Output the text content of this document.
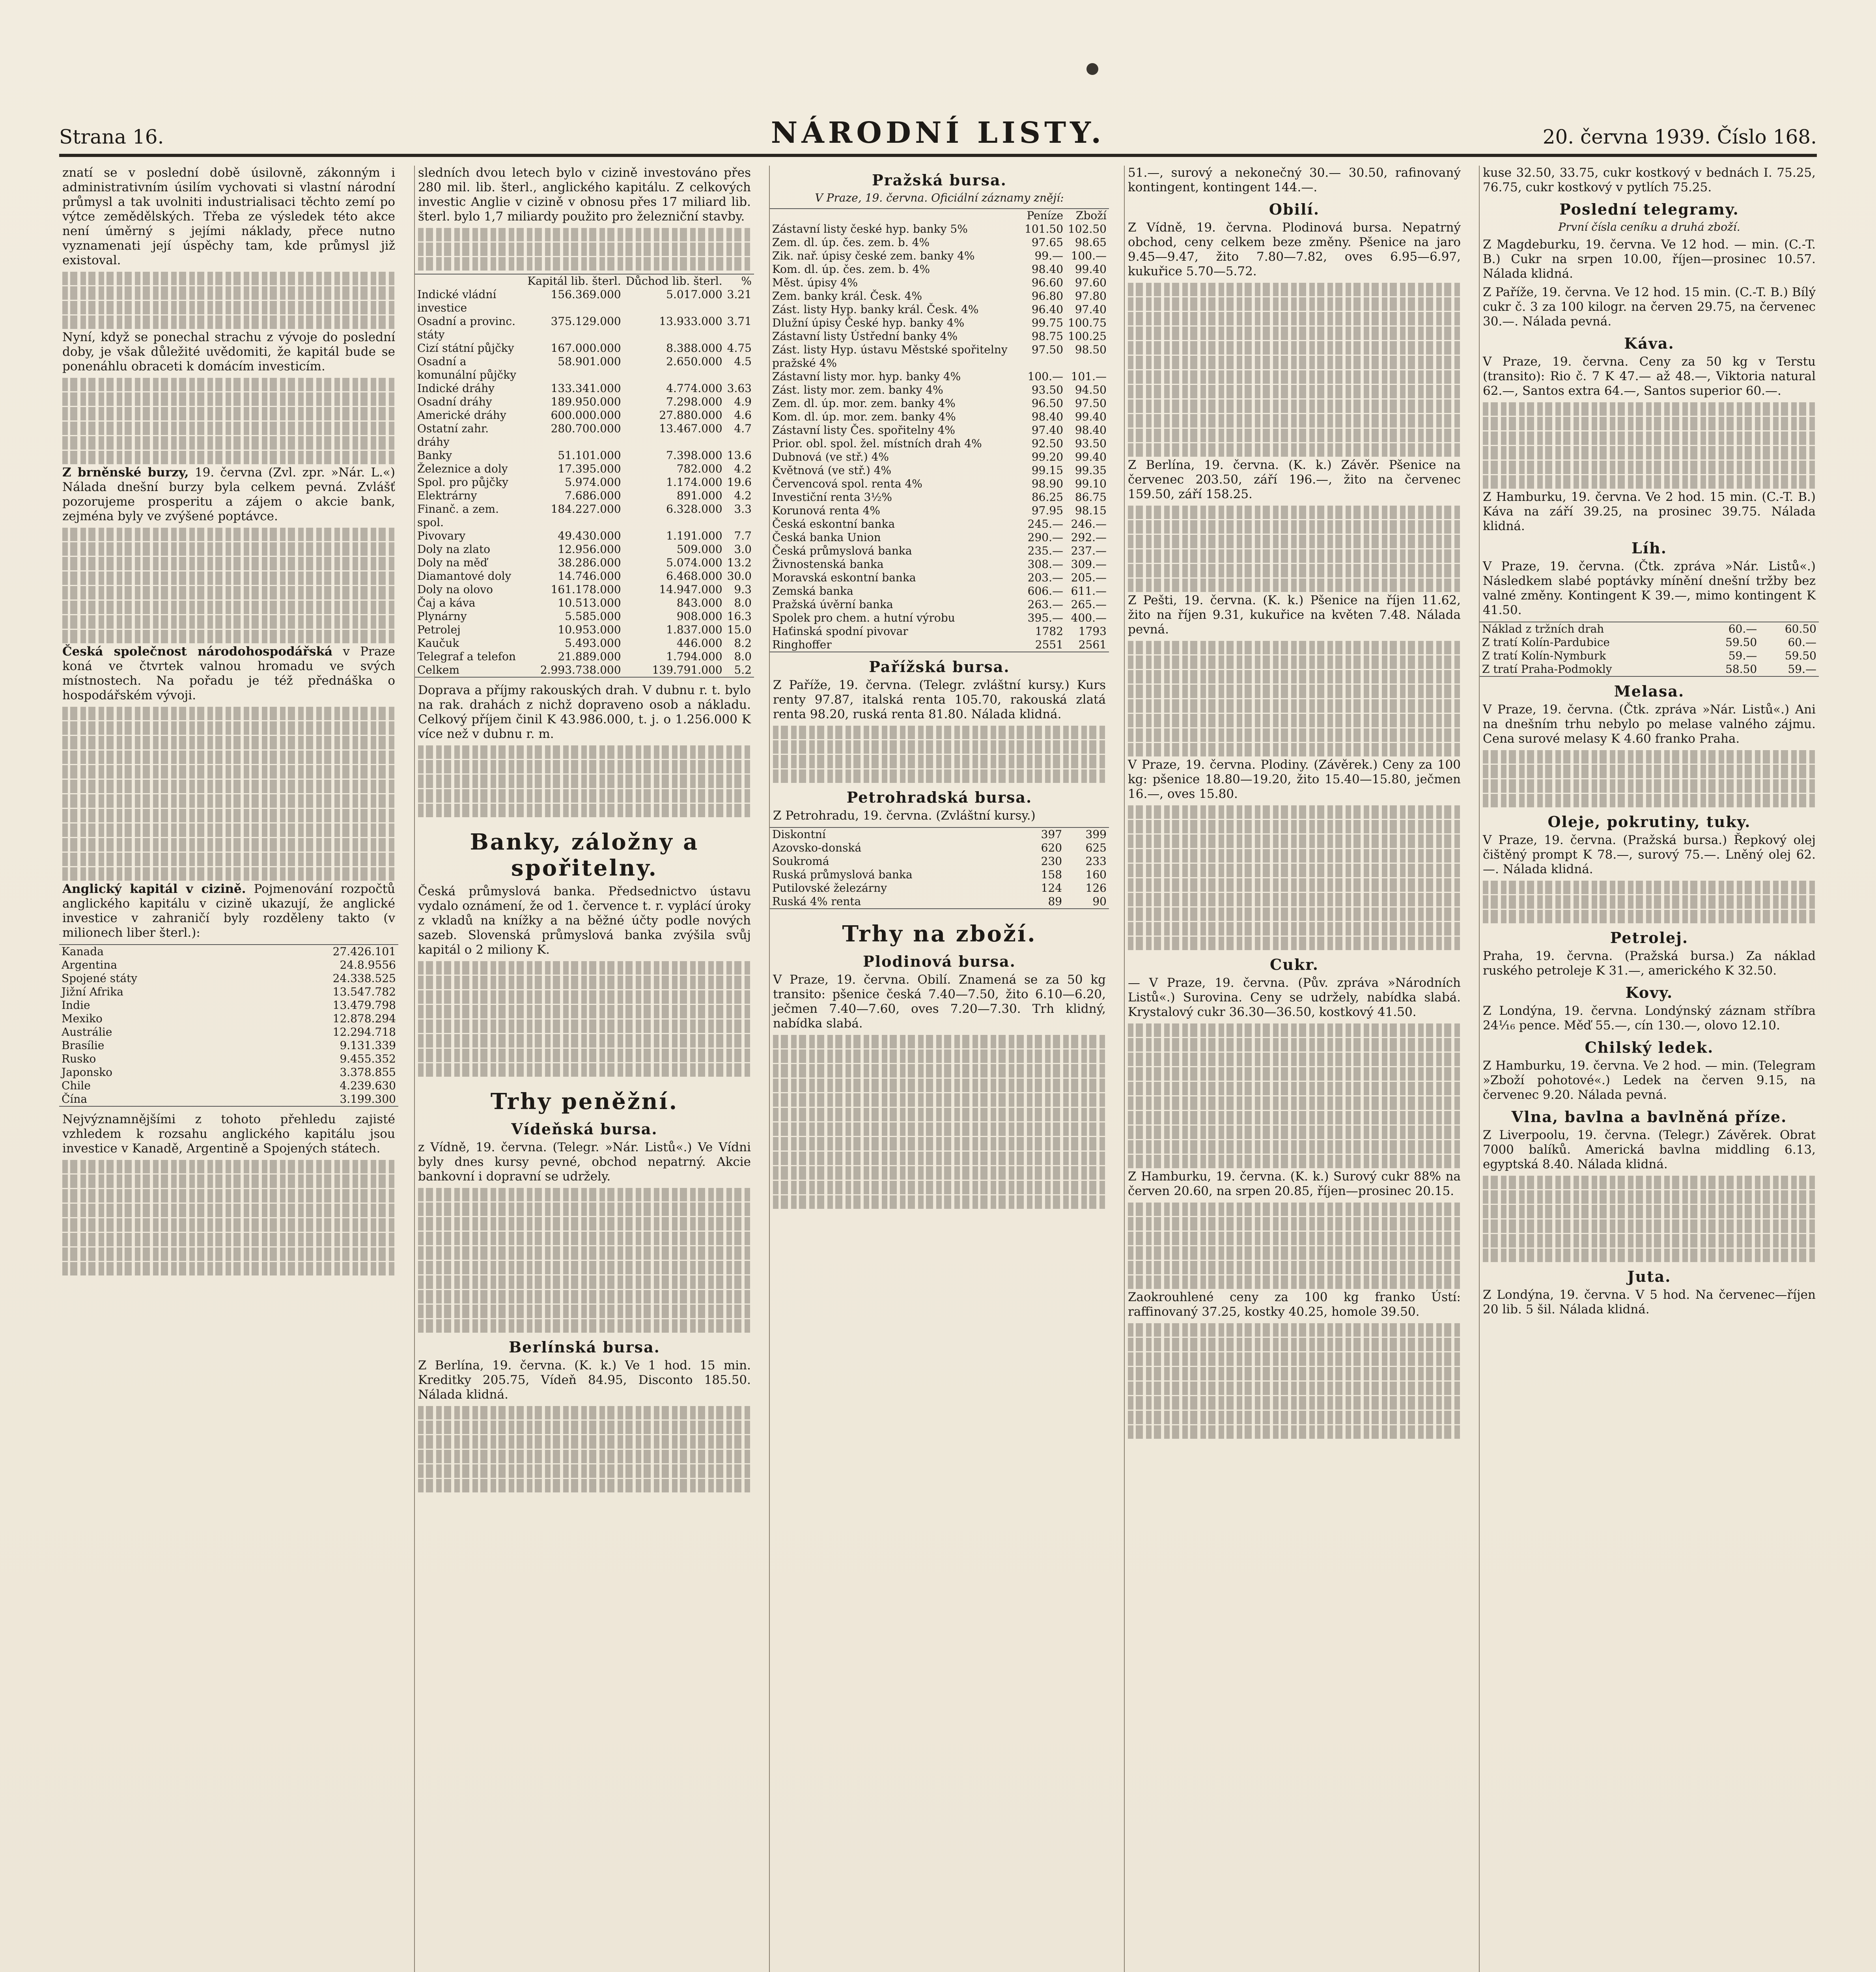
Strana 16.	NÁRODNÍ LISTY.	20. června 1939. Číslo 168.

znatí se v poslední době úsilovně, zákonným i administrativním úsilím vychovati si vlastní národní průmysl a tak uvolniti industrialisaci těchto zemí po výtce zemědělských. Třeba ze výsledek této akce není úměrný s jejími náklady, přece nutno vyznamenati její úspěchy tam, kde průmysl již existoval.

Nyní, když se ponechal strachu z vývoje do poslední doby, je však důležité uvědomiti, že kapitál bude se ponenáhlu obraceti k domácím investicím.

Z brněnské burzy, 19. června (Zvl. zpr. »Nár. L.«) Nálada dnešní burzy byla celkem pevná. Zvlášť pozorujeme prosperitu a zájem o akcie bank, zejména byly ve zvýšené poptávce.

Česká společnost národohospodářská v Praze koná ve čtvrtek valnou hromadu ve svých místnostech. Na pořadu je též přednáška o hospodářském vývoji.

Anglický kapitál v cizině. Pojmenování rozpočtů anglického kapitálu v cizině ukazují, že anglické investice v zahraničí byly rozděleny takto (v milionech liber šterl.):

Kanada	27.426.101
Argentina	24.8.9556
Spojené státy	24.338.525
Jižní Afrika	13.547.782
Indie	13.479.798
Mexiko	12.878.294
Austrálie	12.294.718
Brasílie	9.131.339
Rusko	9.455.352
Japonsko	3.378.855
Chile	4.239.630
Čína	3.199.300

Nejvýznamnějšími z tohoto přehledu zajisté vzhledem k rozsahu anglického kapitálu jsou investice v Kanadě, Argentině a Spojených státech.

sledních dvou letech bylo v cizině investováno přes 280 mil. lib. šterl., anglického kapitálu. Z celkových investic Anglie v cizině v obnosu přes 17 miliard lib. šterl. bylo 1,7 miliardy použito pro železniční stavby.

	Kapitál lib. šterl.	Důchod lib. šterl.	%
Indické vládní investice	156.369.000	5.017.000	3.21
Osadní a provinc. státy	375.129.000	13.933.000	3.71
Cizí státní půjčky	167.000.000	8.388.000	4.75
Osadní a komunální půjčky	58.901.000	2.650.000	4.5
Indické dráhy	133.341.000	4.774.000	3.63
Osadní dráhy	189.950.000	7.298.000	4.9
Americké dráhy	600.000.000	27.880.000	4.6
Ostatní zahr. dráhy	280.700.000	13.467.000	4.7
Banky	51.101.000	7.398.000	13.6
Železnice a doly	17.395.000	782.000	4.2
Spol. pro půjčky	5.974.000	1.174.000	19.6
Elektrárny	7.686.000	891.000	4.2
Finanč. a zem. spol.	184.227.000	6.328.000	3.3
Pivovary	49.430.000	1.191.000	7.7
Doly na zlato	12.956.000	509.000	3.0
Doly na měď	38.286.000	5.074.000	13.2
Diamantové doly	14.746.000	6.468.000	30.0
Doly na olovo	161.178.000	14.947.000	9.3
Čaj a káva	10.513.000	843.000	8.0
Plynárny	5.585.000	908.000	16.3
Petrolej	10.953.000	1.837.000	15.0
Kaučuk	5.493.000	446.000	8.2
Telegraf a telefon	21.889.000	1.794.000	8.0
Celkem	2.993.738.000	139.791.000	5.2

Doprava a příjmy rakouských drah. V dubnu r. t. bylo na rak. drahách z nichž dopraveno osob a nákladu. Celkový příjem činil K 43.986.000, t. j. o 1.256.000 K více než v dubnu r. m.

Banky, záložny a spořitelny.

Česká průmyslová banka. Předsednictvo ústavu vydalo oznámení, že od 1. července t. r. vyplácí úroky z vkladů na knížky a na běžné účty podle nových sazeb. Slovenská průmyslová banka zvýšila svůj kapitál o 2 miliony K.

Trhy peněžní.
Vídeňská bursa.

z Vídně, 19. června. (Telegr. »Nár. Listů«.) Ve Vídni byly dnes kursy pevné, obchod nepatrný. Akcie bankovní i dopravní se udržely.

Berlínská bursa.

Z Berlína, 19. června. (K. k.) Ve 1 hod. 15 min. Kreditky 205.75, Vídeň 84.95, Disconto 185.50. Nálada klidná.

Pražská bursa.
V Praze, 19. června. Oficiální záznamy znějí:
	Peníze	Zboží
Zástavní listy české hyp. banky 5%	101.50	102.50
Zem. dl. úp. čes. zem. b. 4%	97.65	98.65
Zik. nař. úpisy české zem. banky 4%	99.—	100.—
Kom. dl. úp. čes. zem. b. 4%	98.40	99.40
Měst. úpisy 4%	96.60	97.60
Zem. banky král. Česk. 4%	96.80	97.80
Zást. listy Hyp. banky král. Česk. 4%	96.40	97.40
Dlužní úpisy České hyp. banky 4%	99.75	100.75
Zástavní listy Ústřední banky 4%	98.75	100.25
Zást. listy Hyp. ústavu Městské spořitelny pražské 4%	97.50	98.50
Zástavní listy mor. hyp. banky 4%	100.—	101.—
Zást. listy mor. zem. banky 4%	93.50	94.50
Zem. dl. úp. mor. zem. banky 4%	96.50	97.50
Kom. dl. úp. mor. zem. banky 4%	98.40	99.40
Zástavní listy Čes. spořitelny 4%	97.40	98.40
Prior. obl. spol. žel. místních drah 4%	92.50	93.50
Dubnová (ve stř.) 4%	99.20	99.40
Květnová (ve stř.) 4%	99.15	99.35
Červencová spol. renta 4%	98.90	99.10
Investiční renta 3½%	86.25	86.75
Korunová renta 4%	97.95	98.15
Česká eskontní banka	245.—	246.—
Česká banka Union	290.—	292.—
Česká průmyslová banka	235.—	237.—
Živnostenská banka	308.—	309.—
Moravská eskontní banka	203.—	205.—
Zemská banka	606.—	611.—
Pražská úvěrní banka	263.—	265.—
Spolek pro chem. a hutní výrobu	395.—	400.—
Haťinská spodní pivovar	1782	1793
Ringhoffer	2551	2561
Pařížská bursa.

Z Paříže, 19. června. (Telegr. zvláštní kursy.) Kurs renty 97.87, italská renta 105.70, rakouská zlatá renta 98.20, ruská renta 81.80. Nálada klidná.

Petrohradská bursa.

Z Petrohradu, 19. června. (Zvláštní kursy.)

Diskontní	397	399
Azovsko-donská	620	625
Soukromá	230	233
Ruská průmyslová banka	158	160
Putilovské železárny	124	126
Ruská 4% renta	89	90
Trhy na zboží.
Plodinová bursa.

V Praze, 19. června. Obilí. Znamená se za 50 kg transito: pšenice česká 7.40—7.50, žito 6.10—6.20, ječmen 7.40—7.60, oves 7.20—7.30. Trh klidný, nabídka slabá.

51.—, surový a nekonečný 30.— 30.50, rafinovaný kontingent, kontingent 144.—.

Obilí.

Z Vídně, 19. června. Plodinová bursa. Nepatrný obchod, ceny celkem beze změny. Pšenice na jaro 9.45—9.47, žito 7.80—7.82, oves 6.95—6.97, kukuřice 5.70—5.72.

Z Berlína, 19. června. (K. k.) Závěr. Pšenice na červenec 203.50, září 196.—, žito na červenec 159.50, září 158.25.

Z Pešti, 19. června. (K. k.) Pšenice na říjen 11.62, žito na říjen 9.31, kukuřice na květen 7.48. Nálada pevná.

V Praze, 19. června. Plodiny. (Závěrek.) Ceny za 100 kg: pšenice 18.80—19.20, žito 15.40—15.80, ječmen 16.—, oves 15.80.

Cukr.

— V Praze, 19. června. (Pův. zpráva »Národních Listů«.) Surovina. Ceny se udržely, nabídka slabá. Krystalový cukr 36.30—36.50, kostkový 41.50.

Z Hamburku, 19. června. (K. k.) Surový cukr 88% na červen 20.60, na srpen 20.85, říjen—prosinec 20.15.

Zaokrouhlené ceny za 100 kg franko Ústí: raffinovaný 37.25, kostky 40.25, homole 39.50.

kuse 32.50, 33.75, cukr kostkový v bednách I. 75.25, 76.75, cukr kostkový v pytlích 75.25.

Poslední telegramy.
První čísla ceníku a druhá zboží.

Z Magdeburku, 19. června. Ve 12 hod. — min. (C.-T. B.) Cukr na srpen 10.00, říjen—prosinec 10.57. Nálada klidná.

Z Paříže, 19. června. Ve 12 hod. 15 min. (C.-T. B.) Bílý cukr č. 3 za 100 kilogr. na červen 29.75, na červenec 30.—. Nálada pevná.

Káva.

V Praze, 19. června. Ceny za 50 kg v Terstu (transito): Rio č. 7 K 47.— až 48.—, Viktoria natural 62.—, Santos extra 64.—, Santos superior 60.—.

Z Hamburku, 19. června. Ve 2 hod. 15 min. (C.-T. B.) Káva na září 39.25, na prosinec 39.75. Nálada klidná.

Líh.

V Praze, 19. června. (Čtk. zpráva »Nár. Listů«.) Následkem slabé poptávky mínění dnešní tržby bez valné změny. Kontingent K 39.—, mimo kontingent K 41.50.

Náklad z tržních drah	60.—	60.50
Z tratí Kolín-Pardubice	59.50	60.—
Z tratí Kolín-Nymburk	59.—	59.50
Z tratí Praha-Podmokly	58.50	59.—
Melasa.

V Praze, 19. června. (Čtk. zpráva »Nár. Listů«.) Ani na dnešním trhu nebylo po melase valného zájmu. Cena surové melasy K 4.60 franko Praha.

Oleje, pokrutiny, tuky.

V Praze, 19. června. (Pražská bursa.) Řepkový olej čištěný prompt K 78.—, surový 75.—. Lněný olej 62.—. Nálada klidná.

Petrolej.

Praha, 19. června. (Pražská bursa.) Za náklad ruského petroleje K 31.—, amerického K 32.50.

Kovy.

Z Londýna, 19. června. Londýnský záznam stříbra 24¹⁄₁₆ pence. Měď 55.—, cín 130.—, olovo 12.10.

Chilský ledek.

Z Hamburku, 19. června. Ve 2 hod. — min. (Telegram »Zboží pohotové«.) Ledek na červen 9.15, na červenec 9.20. Nálada pevná.

Vlna, bavlna a bavlněná příze.

Z Liverpoolu, 19. června. (Telegr.) Závěrek. Obrat 7000 balíků. Americká bavlna middling 6.13, egyptská 8.40. Nálada klidná.

Juta.

Z Londýna, 19. června. V 5 hod. Na červenec—říjen 20 lib. 5 šil. Nálada klidná.
